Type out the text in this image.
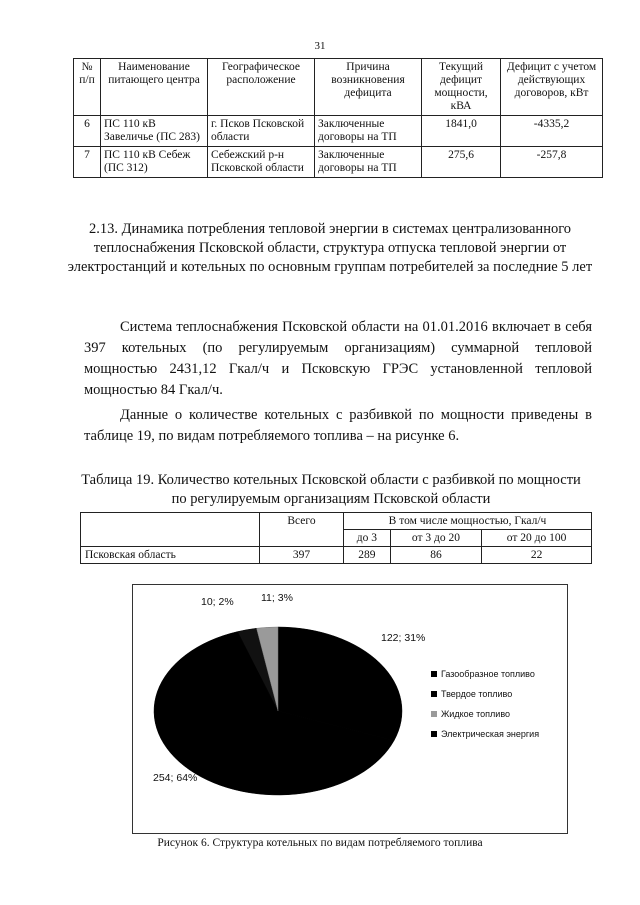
31
№ п/п	Наименование питающего центра	Географическое расположение	Причина возникновения дефицита	Текущий дефицит мощности, кВА	Дефицит с учетом действующих договоров, кВт
6	ПС 110 кВ Завеличье (ПС 283)	г. Псков Псковской области	Заключенные договоры на ТП	1841,0	-4335,2
7	ПС 110 кВ Себеж (ПС 312)	Себежский р-н Псковской области	Заключенные договоры на ТП	275,6	-257,8
2.13. Динамика потребления тепловой энергии в системах централизованного теплоснабжения Псковской области, структура отпуска тепловой энергии от электростанций и котельных по основным группам потребителей за последние 5 лет
Система теплоснабжения Псковской области на 01.01.2016 включает в себя 397 котельных (по регулируемым организациям) суммарной тепловой мощностью 2431,12 Гкал/ч и Псковскую ГРЭС установленной тепловой мощностью 84 Гкал/ч.
Данные о количестве котельных с разбивкой по мощности приведены в таблице 19, по видам потребляемого топлива – на рисунке 6.
Таблица 19. Количество котельных Псковской области с разбивкой по мощности по регулируемым организациям Псковской области
	Всего	В том числе мощностью, Гкал/ч		
		до 3	от 3 до 20	от 20 до 100
Псковская область	397	289	86	22
122; 31%
10; 2%	11; 3%
254; 64%
Газообразное топливо
Твердое топливо
Жидкое топливо
Электрическая энергия
Рисунок 6. Структура котельных по видам потребляемого топлива
